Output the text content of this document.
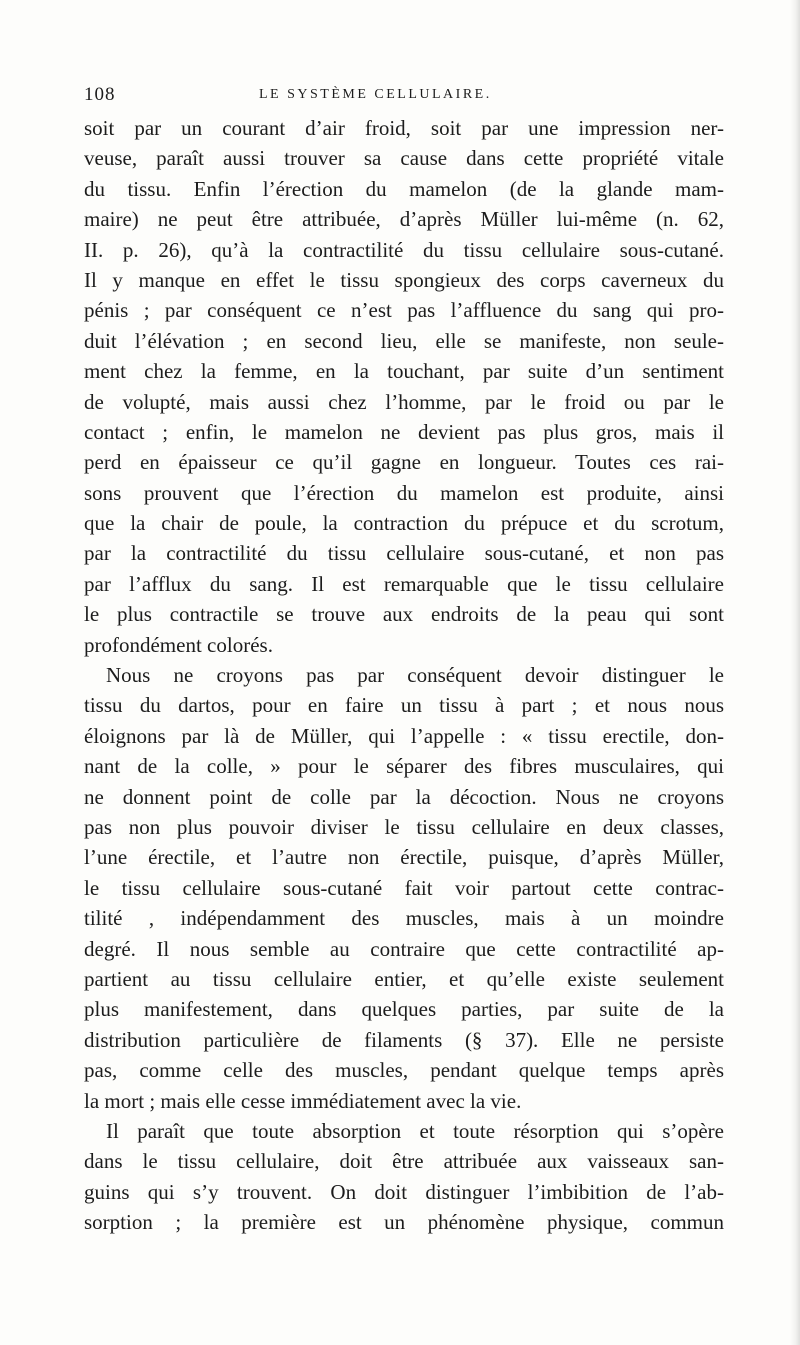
108	LE SYSTÈME CELLULAIRE.
soit par un courant d’air froid, soit par une impression ner-
veuse, paraît aussi trouver sa cause dans cette propriété vitale
du tissu. Enfin l’érection du mamelon (de la glande mam-
maire) ne peut être attribuée, d’après Müller lui-même (n. 62,
II. p. 26), qu’à la contractilité du tissu cellulaire sous-cutané.
Il y manque en effet le tissu spongieux des corps caverneux du
pénis ; par conséquent ce n’est pas l’affluence du sang qui pro-
duit l’élévation ; en second lieu, elle se manifeste, non seule-
ment chez la femme, en la touchant, par suite d’un sentiment
de volupté, mais aussi chez l’homme, par le froid ou par le
contact ; enfin, le mamelon ne devient pas plus gros, mais il
perd en épaisseur ce qu’il gagne en longueur. Toutes ces rai-
sons prouvent que l’érection du mamelon est produite, ainsi
que la chair de poule, la contraction du prépuce et du scrotum,
par la contractilité du tissu cellulaire sous-cutané, et non pas
par l’afflux du sang. Il est remarquable que le tissu cellulaire
le plus contractile se trouve aux endroits de la peau qui sont
profondément colorés.
Nous ne croyons pas par conséquent devoir distinguer le
tissu du dartos, pour en faire un tissu à part ; et nous nous
éloignons par là de Müller, qui l’appelle : « tissu erectile, don-
nant de la colle, » pour le séparer des fibres musculaires, qui
ne donnent point de colle par la décoction. Nous ne croyons
pas non plus pouvoir diviser le tissu cellulaire en deux classes,
l’une érectile, et l’autre non érectile, puisque, d’après Müller,
le tissu cellulaire sous-cutané fait voir partout cette contrac-
tilité , indépendamment des muscles, mais à un moindre
degré. Il nous semble au contraire que cette contractilité ap-
partient au tissu cellulaire entier, et qu’elle existe seulement
plus manifestement, dans quelques parties, par suite de la
distribution particulière de filaments (§ 37). Elle ne persiste
pas, comme celle des muscles, pendant quelque temps après
la mort ; mais elle cesse immédiatement avec la vie.
Il paraît que toute absorption et toute résorption qui s’opère
dans le tissu cellulaire, doit être attribuée aux vaisseaux san-
guins qui s’y trouvent. On doit distinguer l’imbibition de l’ab-
sorption ; la première est un phénomène physique, commun
